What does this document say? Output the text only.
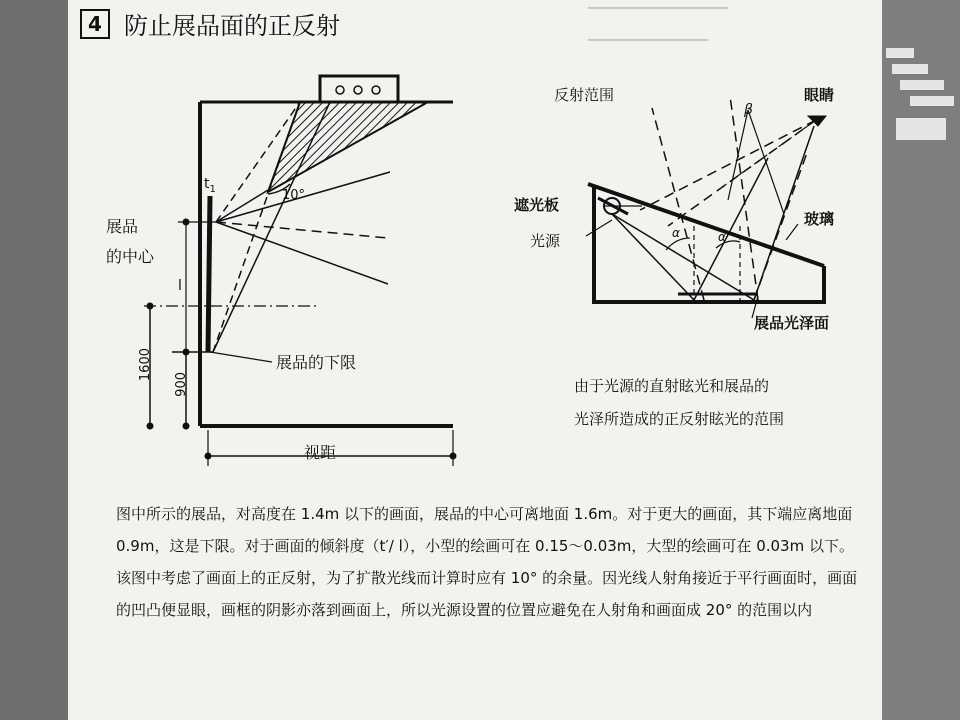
4 防止展品面的正反射	▔▔▔▔▔▔▔▔▔▔▔▔▔▔
▔▔▔▔▔▔▔▔▔▔▔▔
$t_1$	10°
展品
的中心
l
展品的下限
1600
900
视距
反射范围	眼睛
β
α	α
遮光板
光源
玻璃
展品光泽面
由于光源的直射眩光和展品的
光泽所造成的正反射眩光的范围
图中所示的展品，对高度在 1.4m 以下的画面，展品的中心可离地面 1.6m。对于更大的画面，其下端应离地面 0.9m，这是下限。对于画面的倾斜度（t′/ l），小型的绘画可在 0.15～0.03m，大型的绘画可在 0.03m 以下。该图中考虑了画面上的正反射，为了扩散光线而计算时应有 10° 的余量。因光线人射角接近于平行画面时，画面的凹凸便显眼，画框的阴影亦落到画面上，所以光源设置的位置应避免在人射角和画面成 20° 的范围以内
